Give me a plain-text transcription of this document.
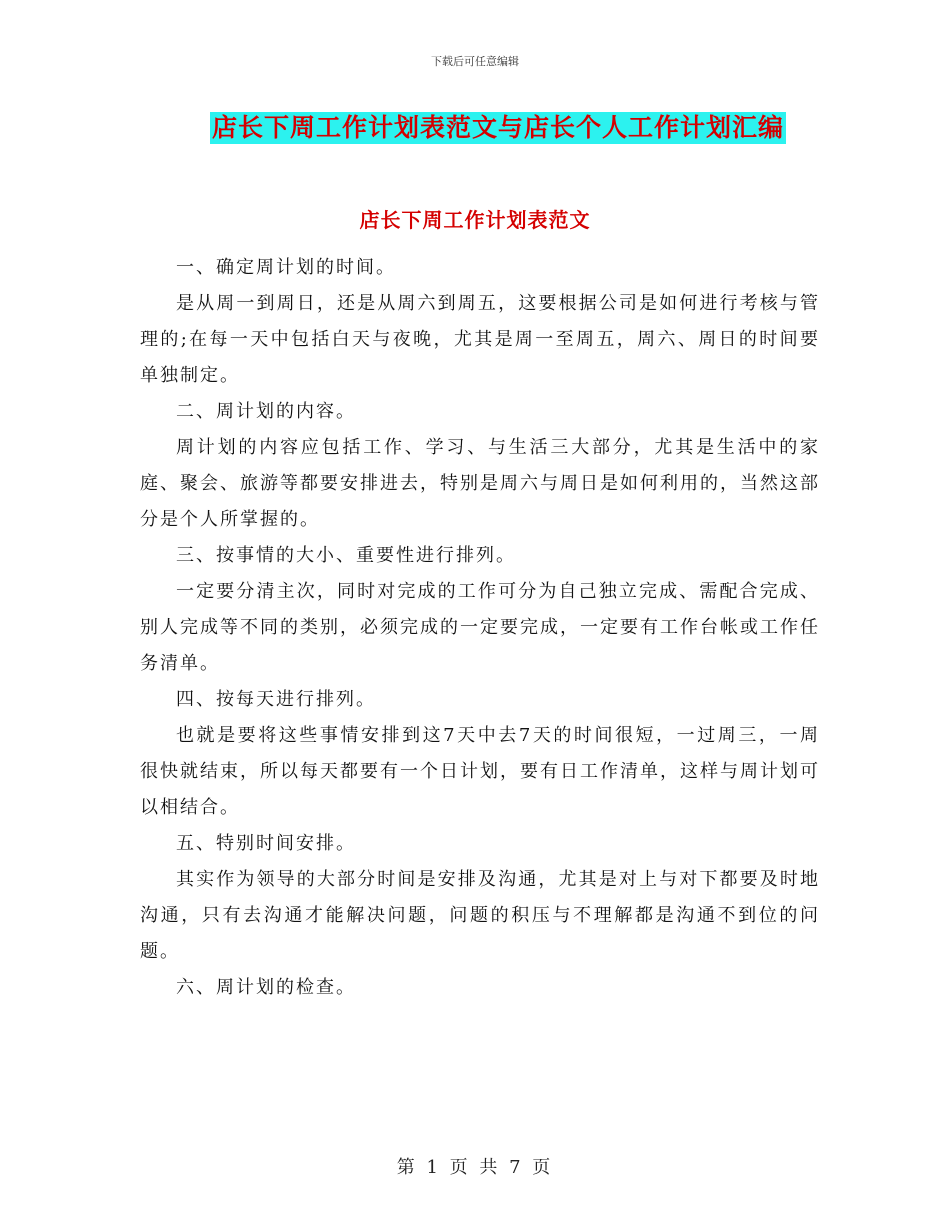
下载后可任意编辑
店长下周工作计划表范文与店长个人工作计划汇编
店长下周工作计划表范文

一、确定周计划的时间。

是从周一到周日，还是从周六到周五，这要根据公司是如何进行考核与管理的;在每一天中包括白天与夜晚，尤其是周一至周五，周六、周日的时间要单独制定。

二、周计划的内容。

周计划的内容应包括工作、学习、与生活三大部分，尤其是生活中的家庭、聚会、旅游等都要安排进去，特别是周六与周日是如何利用的，当然这部分是个人所掌握的。

三、按事情的大小、重要性进行排列。

一定要分清主次，同时对完成的工作可分为自己独立完成、需配合完成、别人完成等不同的类别，必须完成的一定要完成，一定要有工作台帐或工作任务清单。

四、按每天进行排列。

也就是要将这些事情安排到这7天中去7天的时间很短，一过周三，一周很快就结束，所以每天都要有一个日计划，要有日工作清单，这样与周计划可以相结合。

五、特别时间安排。

其实作为领导的大部分时间是安排及沟通，尤其是对上与对下都要及时地沟通，只有去沟通才能解决问题，问题的积压与不理解都是沟通不到位的问题。

六、周计划的检查。

第 1 页 共 7 页
